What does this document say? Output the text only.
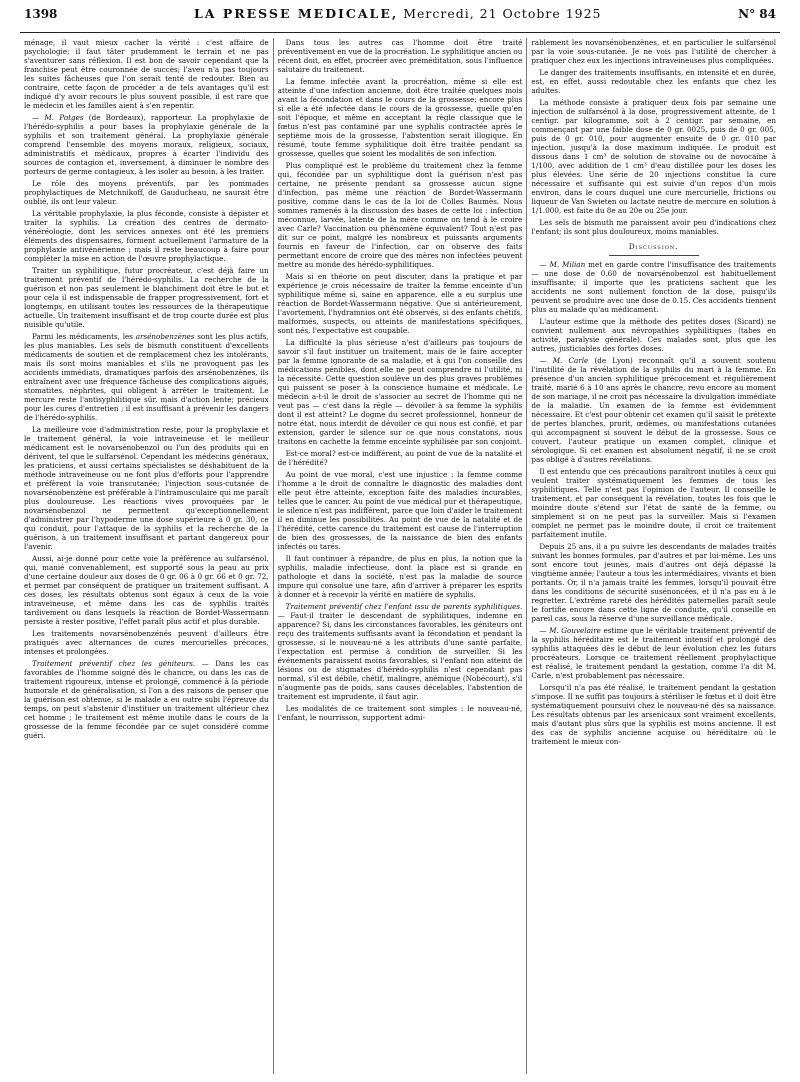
1398	LA PRESSE MEDICALE, Mercredi, 21 Octobre 1925	N° 84

ménage, il vaut mieux cacher la vérité : c'est affaire de psychologie; il faut tâter prudemment le terrain et ne pas s'aventurer sans réflexion. Il est bon de savoir cependant que la franchise peut être couronnée de succès; l'aveu n'a pas toujours les suites fâcheuses que l'on serait tenté de redouter. Bien au contraire, cette façon de procéder a de tels avantages qu'il est indiqué d'y avoir recours le plus souvent possible, il est rare que le médecin et les familles aient à s'en repentir.

— M. Potges (de Bordeaux), rapporteur. La prophylaxie de l'hérédo-syphilis a pour bases la prophylaxie générale de la syphilis et son traitement général. La prophylaxie générale comprend l'ensemble des moyens moraux, religieux, sociaux, administratifs et médicaux, propres à écarter l'individu des sources de contagion et, inversement, à diminuer le nombre des porteurs de germe contagieux, à les isoler au besoin, à les traiter.

Le rôle des moyens préventifs, par les pommades prophylactiques de Metchnikoff, de Gauducheau, ne saurait être oublié, ils ont leur valeur.

La véritable prophylaxie, la plus féconde, consiste à dépister et traiter la syphilis. La création des centres de dermato-vénéréologie, dont les services annexes ont été les premiers éléments des dispensaires, forment actuellement l'armature de la prophylaxie antivénérienne ; mais il reste beaucoup à faire pour compléter la mise en action de l'œuvre prophylactique.

Traiter un syphilitique, futur procréateur, c'est déjà faire un traitement préventif de l'hérédo-syphilis. La recherche de la guérison et non pas seulement le blanchiment doit être le but et pour cela il est indispensable de frapper progressivement, fort et longtemps, en utilisant toutes les ressources de la thérapeutique actuelle. Un traitement insuffisant et de trop courte durée est plus nuisible qu'utile.

Parmi les médicaments, les arsénobenzènes sont les plus actifs, les plus maniables. Les sels de bismuth constituent d'excellents médicaments de soutien et de remplacement chez les intolérants, mais ils sont moins maniables et s'ils ne provoquent pas les accidents immédiats, dramatiques parfois des arsénobenzènes, ils entraînent avec une fréquence fâcheuse des complications aiguës, stomatites, néphrites, qui obligent à arrêter le traitement. Le mercure reste l'antisyphilitique sûr, mais d'action lente; précieux pour les cures d'entretien ; il est insuffisant à prévenir les dangers de l'hérédo-syphilis.

La meilleure voie d'administration reste, pour la prophylaxie et le traitement général, la voie intraveineuse et le meilleur médicament est le novarsénobenzol ou l'un des produits qui en dérivent, tel que le sulfarsénol. Cependant les médecins généraux, les praticiens, et aussi certains spécialistes se déshabituent de la méthode intraveineuse ou ne font plus d'efforts pour l'apprendre et préfèrent la voie transcutanée; l'injection sous-cutanée de novarsénobenzène est préférable à l'intramusculaire qui me paraît plus douloureuse. Les réactions vives provoquées par le novarsénobenzol ne permettent qu'exceptionnellement d'administrer par l'hypoderme une dose supérieure à 0 gr. 30, ce qui conduit, pour l'attaque de la syphilis et la recherche de la guérison, à un traitement insuffisant et partant dangereux pour l'avenir.

Aussi, ai-je donné pour cette voie la préférence au sulfarsénol, qui, manié convenablement, est supporté sous la peau au prix d'une certaine douleur aux doses de 0 gr. 06 à 0 gr. 66 et 0 gr. 72, et permet par conséquent de pratiquer un traitement suffisant. A ces doses, les résultats obtenus sont égaux à ceux de la voie intraveineuse, et même dans les cas de syphilis traités tardivement ou dans lesquels la réaction de Bordet-Wassermann persiste à rester positive, l'effet paraît plus actif et plus durable.

Les traitements novarsénobenzénés peuvent d'ailleurs être pratiqués avec alternances de cures mercurielles précoces, intenses et prolongées.

Traitement préventif chez les géniteurs. — Dans les cas favorables de l'homme soigné dès le chancre, ou dans les cas de traitement rigoureux, intense et prolongé, commencé à la période humorale et de généralisation, si l'on a des raisons de penser que la guérison est obtenue, si le malade a eu outre subi l'épreuve du temps, on peut s'abstenir d'instituer un traitement ultérieur chez cet homme ; le traitement est même inutile dans le cours de la grossesse de la femme fécondée par ce sujet considéré comme guéri.

Dans tous les autres cas l'homme doit être traité préventivement en vue de la procréation. Le syphilitique ancien ou récent doit, en effet, procréer avec préméditation, sous l'influence salutaire du traitement.

La femme infectée avant la procréation, même si elle est atteinte d'une infection ancienne, doit être traitée quelques mois avant la fécondation et dans le cours de la grossesse; encore plus si elle a été infectée dans le cours de la grossesse, quelle qu'en soit l'époque, et même en acceptant la règle classique que le fœtus n'est pas contaminé par une syphilis contractée après le septième mois de la grossesse, l'abstention serait illogique. En résumé, toute femme syphilitique doit être traitée pendant sa grossesse, quelles que soient les modalités de son infection.

Plus compliqué est le problème du traitement chez la femme qui, fécondée par un syphilitique dont la guérison n'est pas certaine, ne présente pendant sa grossesse aucun signe d'infection, pas même une réaction de Bordet-Wassermann positive, comme dans le cas de la loi de Colles Baumès. Nous sommes ramenés à la discussion des bases de cette loi : infection méconnue, larvée, latente de la mère comme on tend à le croire avec Carle? Vaccination ou phénomène équivalent? Tout n'est pas dit sur ce point, malgré les nombreux et puissants arguments fournis en faveur de l'infection, car on observe des faits permettant encore de croire que des mères non infectées peuvent mettre au monde des hérédo-syphilitiques.

Mais si en théorie on peut discuter, dans la pratique et par expérience je crois nécessaire de traiter la femme enceinte d'un syphilitique même si, saine en apparence, elle a eu surplus une réaction de Bordet-Wassermann négative. Que si antérieurement, l'avortement, l'hydramnios ont été observés, si des enfants chétifs, malformés, suspects, ou atteints de manifestations spécifiques, sont nés, l'expectative est coupable.

La difficulté la plus sérieuse n'est d'ailleurs pas toujours de savoir s'il faut instituer un traitement, mais de le faire accepter par la femme ignorante de sa maladie, et à qui l'on conseille des médications pénibles, dont elle ne peut comprendre ni l'utilité, ni la nécessité. Cette question soulève un des plus graves problèmes qui puissent se poser à la conscience humaine et médicale. Le médecin a-t-il le droit de s'associer au secret de l'homme qui ne veut pas — c'est dans la règle — dévoiler à sa femme la syphilis dont il est atteint? Le dogme du secret professionnel, honneur de notre état, nous interdit de dévoiler ce qui nous est confié, et par extension, garder le silence sur ce que nous constatons, nous traitons en cachette la femme enceinte syphilisée par son conjoint.

Est-ce moral? est-ce indifférent, au point de vue de la natalité et de l'hérédité?

Au point de vue moral, c'est une injustice : la femme comme l'homme a le droit de connaître le diagnostic des maladies dont elle peut être atteinte, exception faite des maladies incurables, telles que le cancer. Au point de vue médical pur et thérapeutique, le silence n'est pas indifférent, parce que loin d'aider le traitement il en diminue les possibilités. Au point de vue de la natalité et de l'hérédité, cette carence du traitement est cause de l'interruption de bien des grossesses, de la naissance de bien des enfants infectés ou tarés.

Il faut continuer à répandre, de plus en plus, la notion que la syphilis, maladie infectieuse, dont la place est si grande en pathologie et dans la société, n'est pas la maladie de source impure qui consolue une tare, afin d'arriver à préparer les esprits à donner et à recevoir la vérité en matière de syphilis.

Traitement préventif chez l'enfant issu de parents syphilitiques. — Faut-il traiter le descendant de syphilitiques, indemne en apparence? Si, dans les circonstances favorables, les géniteurs ont reçu des traitements suffisants avant la fécondation et pendant la grossesse, si le nouveau-né a les attributs d'une santé parfaite, l'expectation est permise à condition de surveiller. Si les événements paraissent moins favorables, si l'enfant non atteint de lésions ou de stigmates d'hérédo-syphilis n'est cependant pas normal, s'il est débile, chétif, malingre, anémique (Nobécourt), s'il n'augmente pas de poids, sans causes décelables, l'abstention de traitement est imprudente, il faut agir.

Les modalités de ce traitement sont simples : le nouveau-né, l'enfant, le nourrisson, supportent admi-

rablement les novarsénobenzènes, et en particulier le sulfarsénol par la voie sous-cutanée. Je ne vois pas l'utilité de chercher à pratiquer chez eux les injections intraveineuses plus compliquées.

Le danger des traitements insuffisants, en intensité et en durée, est, en effet, aussi redoutable chez les enfants que chez les adultes.

La méthode consiste à pratiquer deux fois par semaine une injection de sulfarsénol à la dose, progressivement atteinte, de 1 centigr. par kilogramme, soit à 2 centigr. par semaine, en commençant par une faible dose de 0 gr. 0025, puis de 0 gr. 005, puis de 0 gr. 010, pour augmenter ensuite de 0 gr. 010 par injection, jusqu'à la dose maximum indiquée. Le produit est dissous dans 1 cm³ de solution de stovaïne ou de novocaïne à 1/100, avec addition de 1 cm³ d'eau distillée pour les doses les plus élevées. Une série de 20 injections constitue la cure nécessaire et suffisante qui est suivie d'un repos d'un mois environ, dans le cours duquel une cure mercurielle, frictions ou liqueur de Van Swieten ou lactate neutre de mercure en solution à 1/1.000, est faite du 8e au 20e ou 25e jour.

Les sels de bismuth me paraissent avoir peu d'indications chez l'enfant; ils sont plus douloureux, moins maniables.

Discussion.

— M. Milian met en garde contre l'insuffisance des traitements — une dose de 0.60 de novarsénobenzol est habituellement insuffisante; il importe que les praticiens sachent que les accidents ne sont nullement fonction de la dose, puisqu'ils peuvent se produire avec une dose de 0.15. Ces accidents tiennent plus au malade qu'au médicament.

L'auteur estime que la méthode des petites doses (Sicard) ne convient nullement aux névropathies syphilitiques (tabes en activité, paralysie générale). Ces malades sont, plus que les autres, justiciables des fortes doses.

— M. Carle (de Lyon) reconnaît qu'il a souvent soutenu l'inutilité de la révélation de la syphilis du mari à la femme. En présence d'un ancien syphilitique précocement et régulièrement traité, marié 6 à 10 ans après le chancre, revu encore au moment de son mariage, il ne croit pas nécessaire la divulgation immédiate de la maladie. Un examen de la femme est évidemment nécessaire. Et c'est pour obtenir cet examen qu'il saisit le prétexte de pertes blanches, prurit, œdèmes, ou manifestations cutanées qui accompagnent si souvent le début de la grossesse. Sous ce couvert, l'auteur pratique un examen complet, clinique et sérologique. Si cet examen est absolument négatif, il ne se croit pas obligé à d'autres révélations.

Il est entendu que ces précautions paraîtront inutiles à ceux qui veulent traiter systématiquement les femmes de tous les syphilitiques. Telle n'est pas l'opinion de l'auteur. Il conseille le traitement, et par conséquent la révélation, toutes les fois que le moindre doute s'étend sur l'état de santé de la femme, ou simplement si on ne peut pas la surveiller. Mais si l'examen complet ne permet pas le moindre doute, il croit ce traitement parfaitement inutile.

Depuis 25 ans, il a pu suivre les descendants de malades traités suivant les bonnes formules, par d'autres et par lui-même. Les uns sont encore tout jeunes, mais d'autres ont déjà dépassé la vingtième année; l'auteur a tous les intermédiaires, vivants et bien portants. Or, il n'a jamais traité les femmes, lorsqu'il pouvait être dans les conditions de sécurité susénoncées, et il n'a pas eu à le regretter. L'extrême rareté des hérédités paternelles paraît seule le fortifie encore dans cette ligne de conduite, qu'il conseille en pareil cas, sous la réserve d'une surveillance médicale.

— M. Gouvelaire estime que le véritable traitement préventif de la syphilis héréditaire est le traitement intensif et prolongé des syphilis attaquées dès le début de leur évolution chez les futurs procréateurs. Lorsque ce traitement réellement prophylactique est réalisé, le traitement pendant la gestation, comme l'a dit M. Carle, n'est probablement pas nécessaire.

Lorsqu'il n'a pas été réalisé, le traitement pendant la gestation s'impose. Il ne suffit pas toujours à stériliser le fœtus et il doit être systématiquement poursuivi chez le nouveau-né dès sa naissance. Les résultats obtenus par les arsenicaux sont vraiment excellents, mais d'autant plus sûrs que la syphilis est moins ancienne. Il est des cas de syphilis ancienne acquise ou héréditaire où le traitement le mieux con-
